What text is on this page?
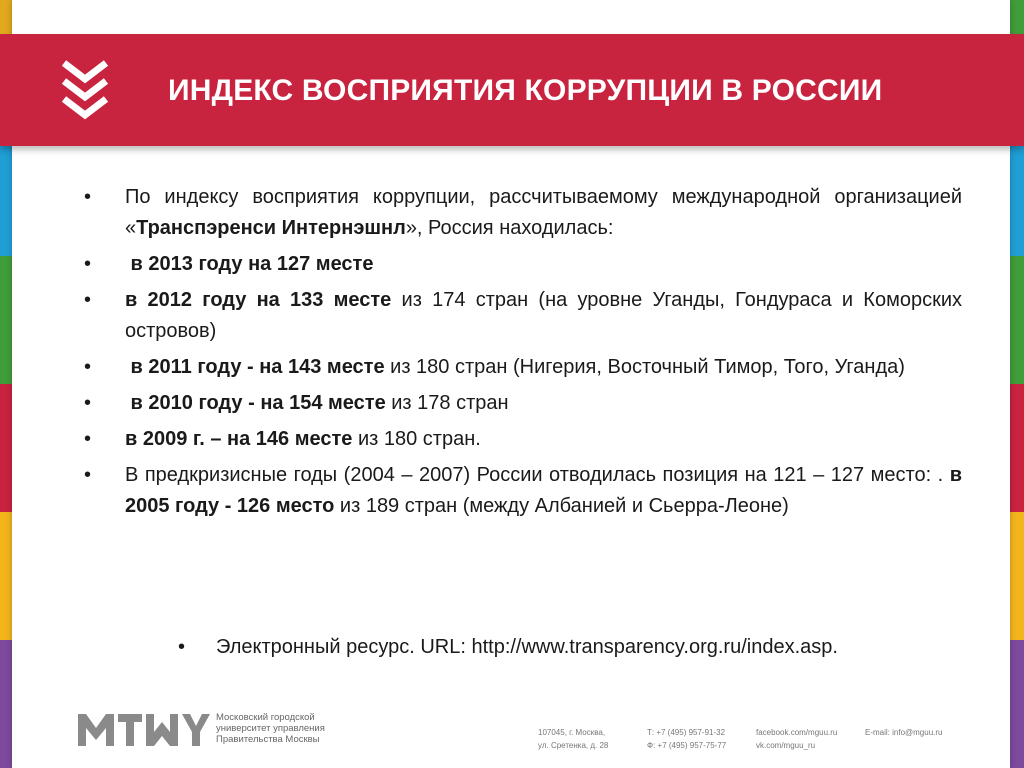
ИНДЕКС ВОСПРИЯТИЯ КОРРУПЦИИ В РОССИИ
• По индексу восприятия коррупции, рассчитываемому международной организацией «Транспэренси Интернэшнл», Россия находилась:
• в 2013 году на 127 месте
• в 2012 году на 133 месте из 174 стран (на уровне Уганды, Гондураса и Коморских островов)
• в 2011 году - на 143 месте из 180 стран (Нигерия, Восточный Тимор, Того, Уганда)
• в 2010 году - на 154 месте из 178 стран
• в 2009 г. – на 146 месте из 180 стран.
• В предкризисные годы (2004 – 2007) России отводилась позиция на 121 – 127 место: . в 2005 году - 126 место из 189 стран (между Албанией и Сьерра-Леоне)
• Электронный ресурс. URL: http://www.transparency.org.ru/index.asp.
Московский городской
университет управления
Правительства Москвы
107045, г. Москва,
ул. Сретенка, д. 28
Т: +7 (495) 957-91-32
Ф: +7 (495) 957-75-77
facebook.com/mguu.ru
vk.com/mguu_ru
E-mail: info@mguu.ru
